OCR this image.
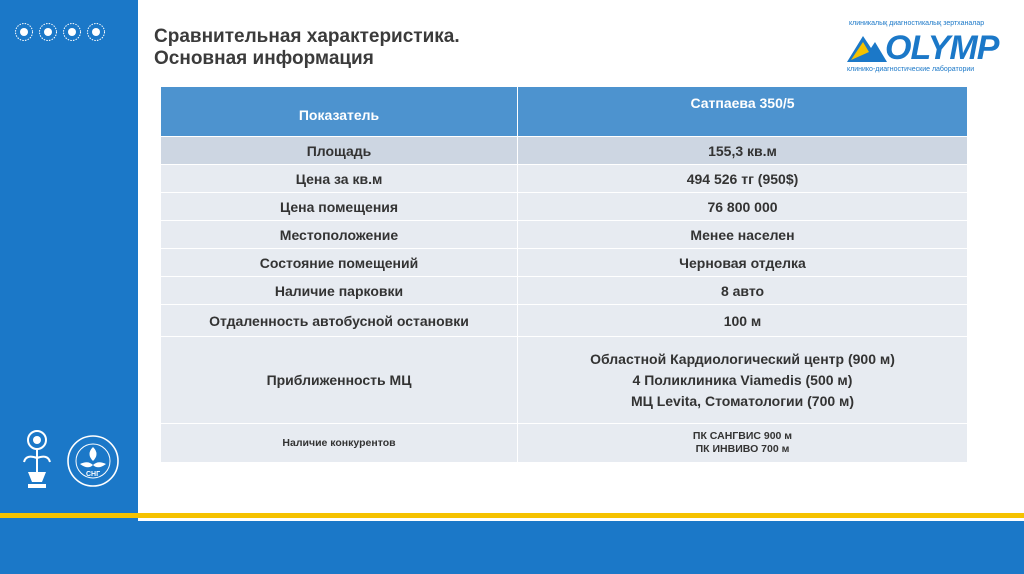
СНГ
Сравнительная характеристика.
Основная информация
клиникалық диагностикалық зертханалар
OLYMP
клинико-диагностические лаборатории
Показатель	Сатпаева 350/5
Площадь	155,3 кв.м
Цена за кв.м	494 526 тг (950$)
Цена помещения	76 800 000
Местоположение	Менее населен
Состояние помещений	Черновая отделка
Наличие парковки	8 авто
Отдаленность автобусной остановки	100 м
Приближенность МЦ	Областной Кардиологический центр (900 м)
4 Поликлиника Viamedis (500 м)
МЦ Levita, Стоматологии (700 м)

Наличие конкурентов	ПК САНГВИС 900 м
ПК ИНВИВО 700 м
